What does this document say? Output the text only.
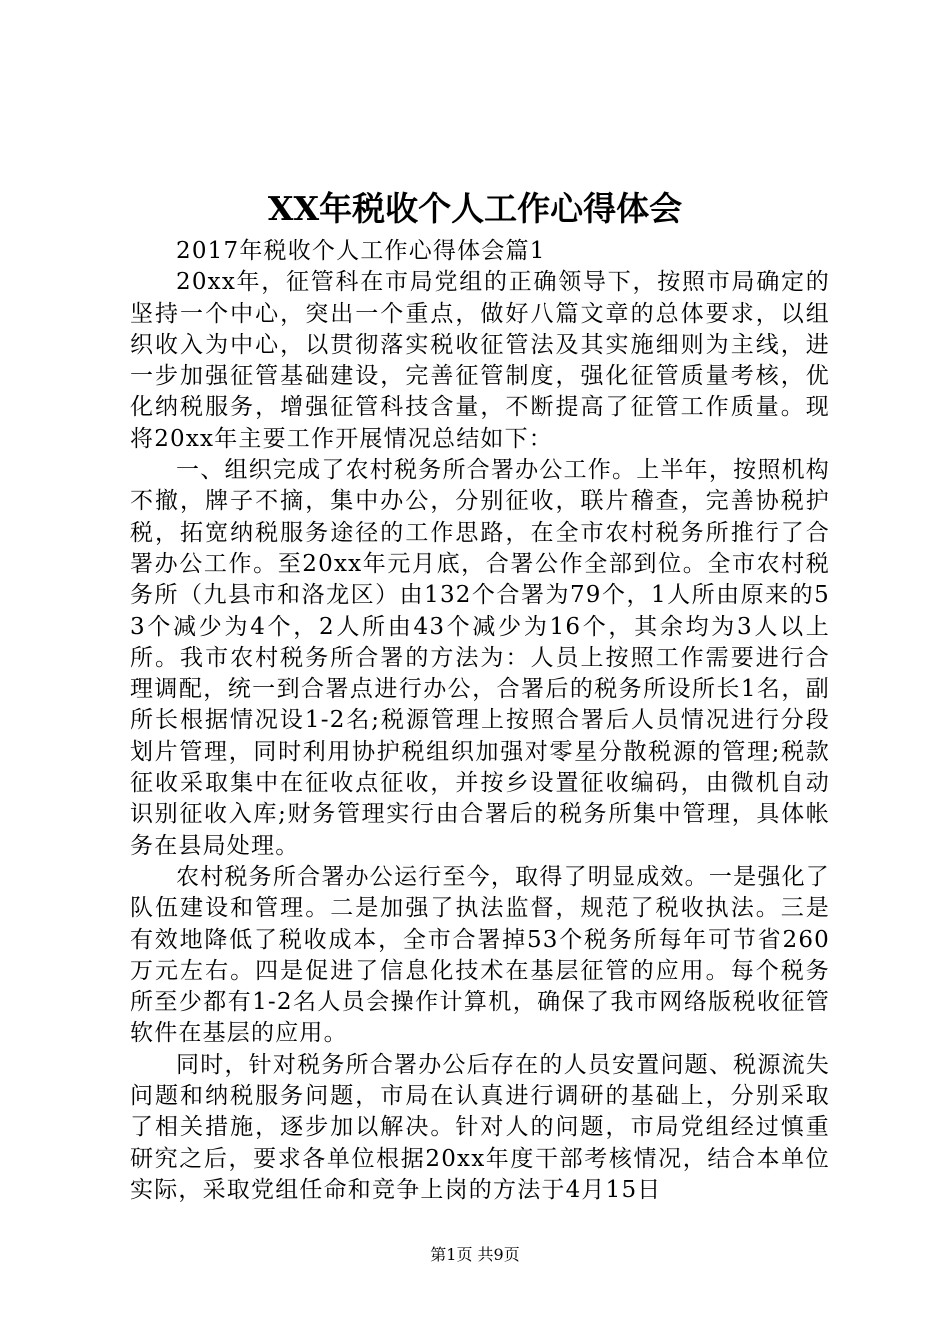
XX年税收个人工作心得体会

2017年税收个人工作心得体会篇1

20xx年，征管科在市局党组的正确领导下，按照市局确定的坚持一个中心，突出一个重点，做好八篇文章的总体要求，以组织收入为中心，以贯彻落实税收征管法及其实施细则为主线，进一步加强征管基础建设，完善征管制度，强化征管质量考核，优化纳税服务，增强征管科技含量，不断提高了征管工作质量。现将20xx年主要工作开展情况总结如下：

一、组织完成了农村税务所合署办公工作。上半年，按照机构不撤，牌子不摘，集中办公，分别征收，联片稽查，完善协税护税，拓宽纳税服务途径的工作思路，在全市农村税务所推行了合署办公工作。至20xx年元月底，合署公作全部到位。全市农村税务所（九县市和洛龙区）由132个合署为79个，1人所由原来的53个减少为4个，2人所由43个减少为16个，其余均为3人以上所。我市农村税务所合署的方法为：人员上按照工作需要进行合理调配，统一到合署点进行办公，合署后的税务所设所长1名，副所长根据情况设1-2名;税源管理上按照合署后人员情况进行分段划片管理，同时利用协护税组织加强对零星分散税源的管理;税款征收采取集中在征收点征收，并按乡设置征收编码，由微机自动识别征收入库;财务管理实行由合署后的税务所集中管理，具体帐务在县局处理。

农村税务所合署办公运行至今，取得了明显成效。一是强化了队伍建设和管理。二是加强了执法监督，规范了税收执法。三是有效地降低了税收成本，全市合署掉53个税务所每年可节省260万元左右。四是促进了信息化技术在基层征管的应用。每个税务所至少都有1-2名人员会操作计算机，确保了我市网络版税收征管软件在基层的应用。

同时，针对税务所合署办公后存在的人员安置问题、税源流失问题和纳税服务问题，市局在认真进行调研的基础上，分别采取了相关措施，逐步加以解决。针对人的问题，市局党组经过慎重研究之后，要求各单位根据20xx年度干部考核情况，结合本单位实际，采取党组任命和竞争上岗的方法于4月15日

第1页 共9页
